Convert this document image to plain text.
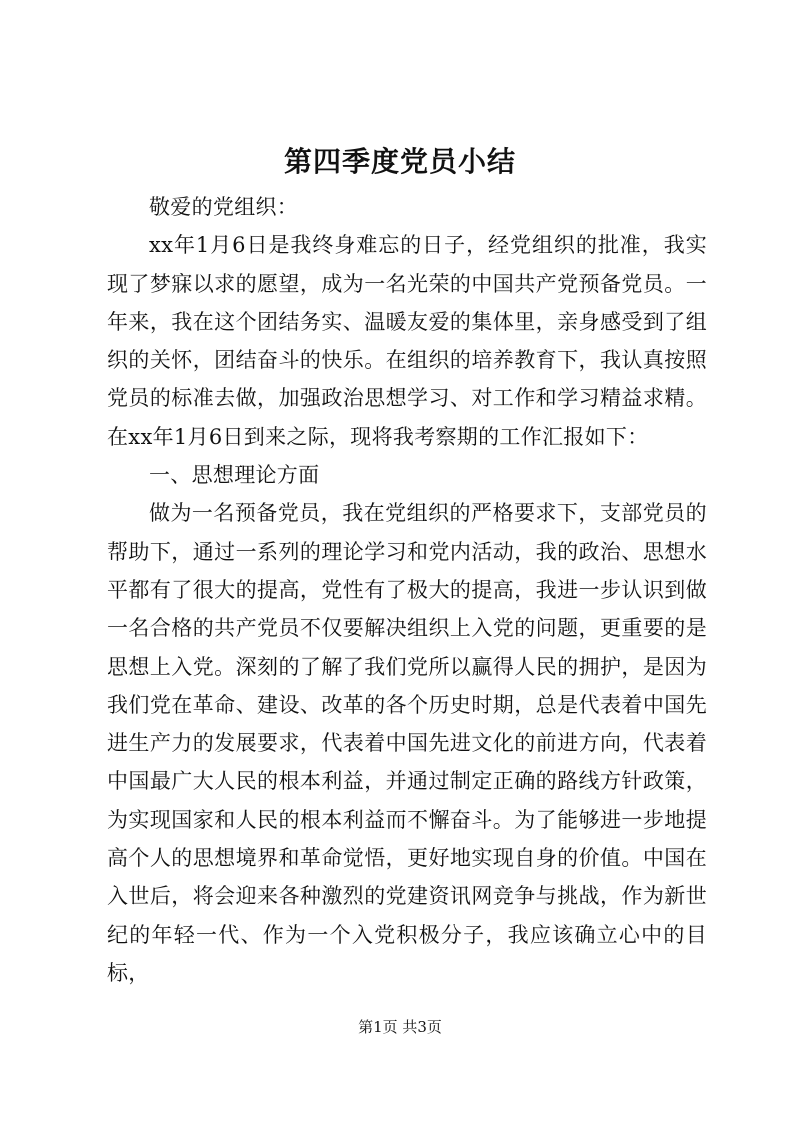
第四季度党员小结

敬爱的党组织：

xx年1月6日是我终身难忘的日子，经党组织的批准，我实现了梦寐以求的愿望，成为一名光荣的中国共产党预备党员。一年来，我在这个团结务实、温暖友爱的集体里，亲身感受到了组织的关怀，团结奋斗的快乐。在组织的培养教育下，我认真按照党员的标准去做，加强政治思想学习、对工作和学习精益求精。在xx年1月6日到来之际，现将我考察期的工作汇报如下：

一、思想理论方面

做为一名预备党员，我在党组织的严格要求下，支部党员的帮助下，通过一系列的理论学习和党内活动，我的政治、思想水平都有了很大的提高，党性有了极大的提高，我进一步认识到做一名合格的共产党员不仅要解决组织上入党的问题，更重要的是思想上入党。深刻的了解了我们党所以赢得人民的拥护，是因为我们党在革命、建设、改革的各个历史时期，总是代表着中国先进生产力的发展要求，代表着中国先进文化的前进方向，代表着中国最广大人民的根本利益，并通过制定正确的路线方针政策，为实现国家和人民的根本利益而不懈奋斗。为了能够进一步地提高个人的思想境界和革命觉悟，更好地实现自身的价值。中国在入世后，将会迎来各种激烈的党建资讯网竞争与挑战，作为新世纪的年轻一代、作为一个入党积极分子，我应该确立心中的目标，

第1页 共3页
